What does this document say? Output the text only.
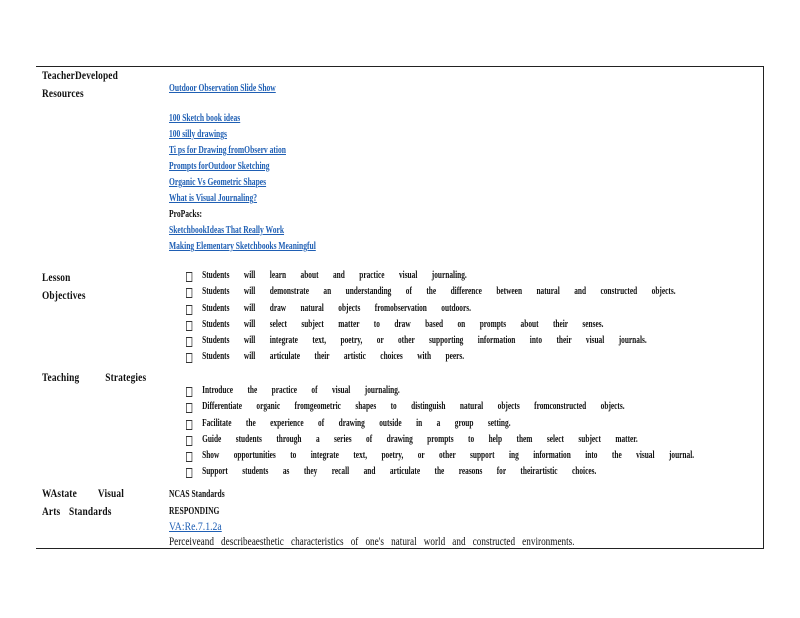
TeacherDeveloped
Resources	Outdoor Observation Slide Show
100 Sketch book ideas
100 silly drawings
Ti ps for Drawing fromObserv ation
Prompts forOutdoor Sketching
Organic Vs Geometric Shapes
What is Visual Journaling?
ProPacks:
SketchbookIdeas That Really Work
Making Elementary Sketchbooks Meaningful
Lesson
Objectives
Students will learn about and practice visual journaling.
Students will demonstrate an understanding of the difference between natural and constructed objects.
Students will draw natural objects fromobservation outdoors.
Students will select subject matter to draw based on prompts about their senses.
Students will integrate text, poetry, or other supporting information into their visual journals.
Students will articulate their artistic choices with peers.
Teaching Strategies
Introduce the practice of visual journaling.
Differentiate organic fromgeometric shapes to distinguish natural objects fromconstructed objects.
Facilitate the experience of drawing outside in a group setting.
Guide students through a series of drawing prompts to help them select subject matter.
Show opportunities to integrate text, poetry, or other support ing information into the visual journal.
Support students as they recall and articulate the reasons for theirartistic choices.
WAstate Visual
Arts Standards
NCAS Standards
RESPONDING
VA:Re.7.1.2a
Perceiveand describeaesthetic characteristics of one's natural world and constructed environments.
